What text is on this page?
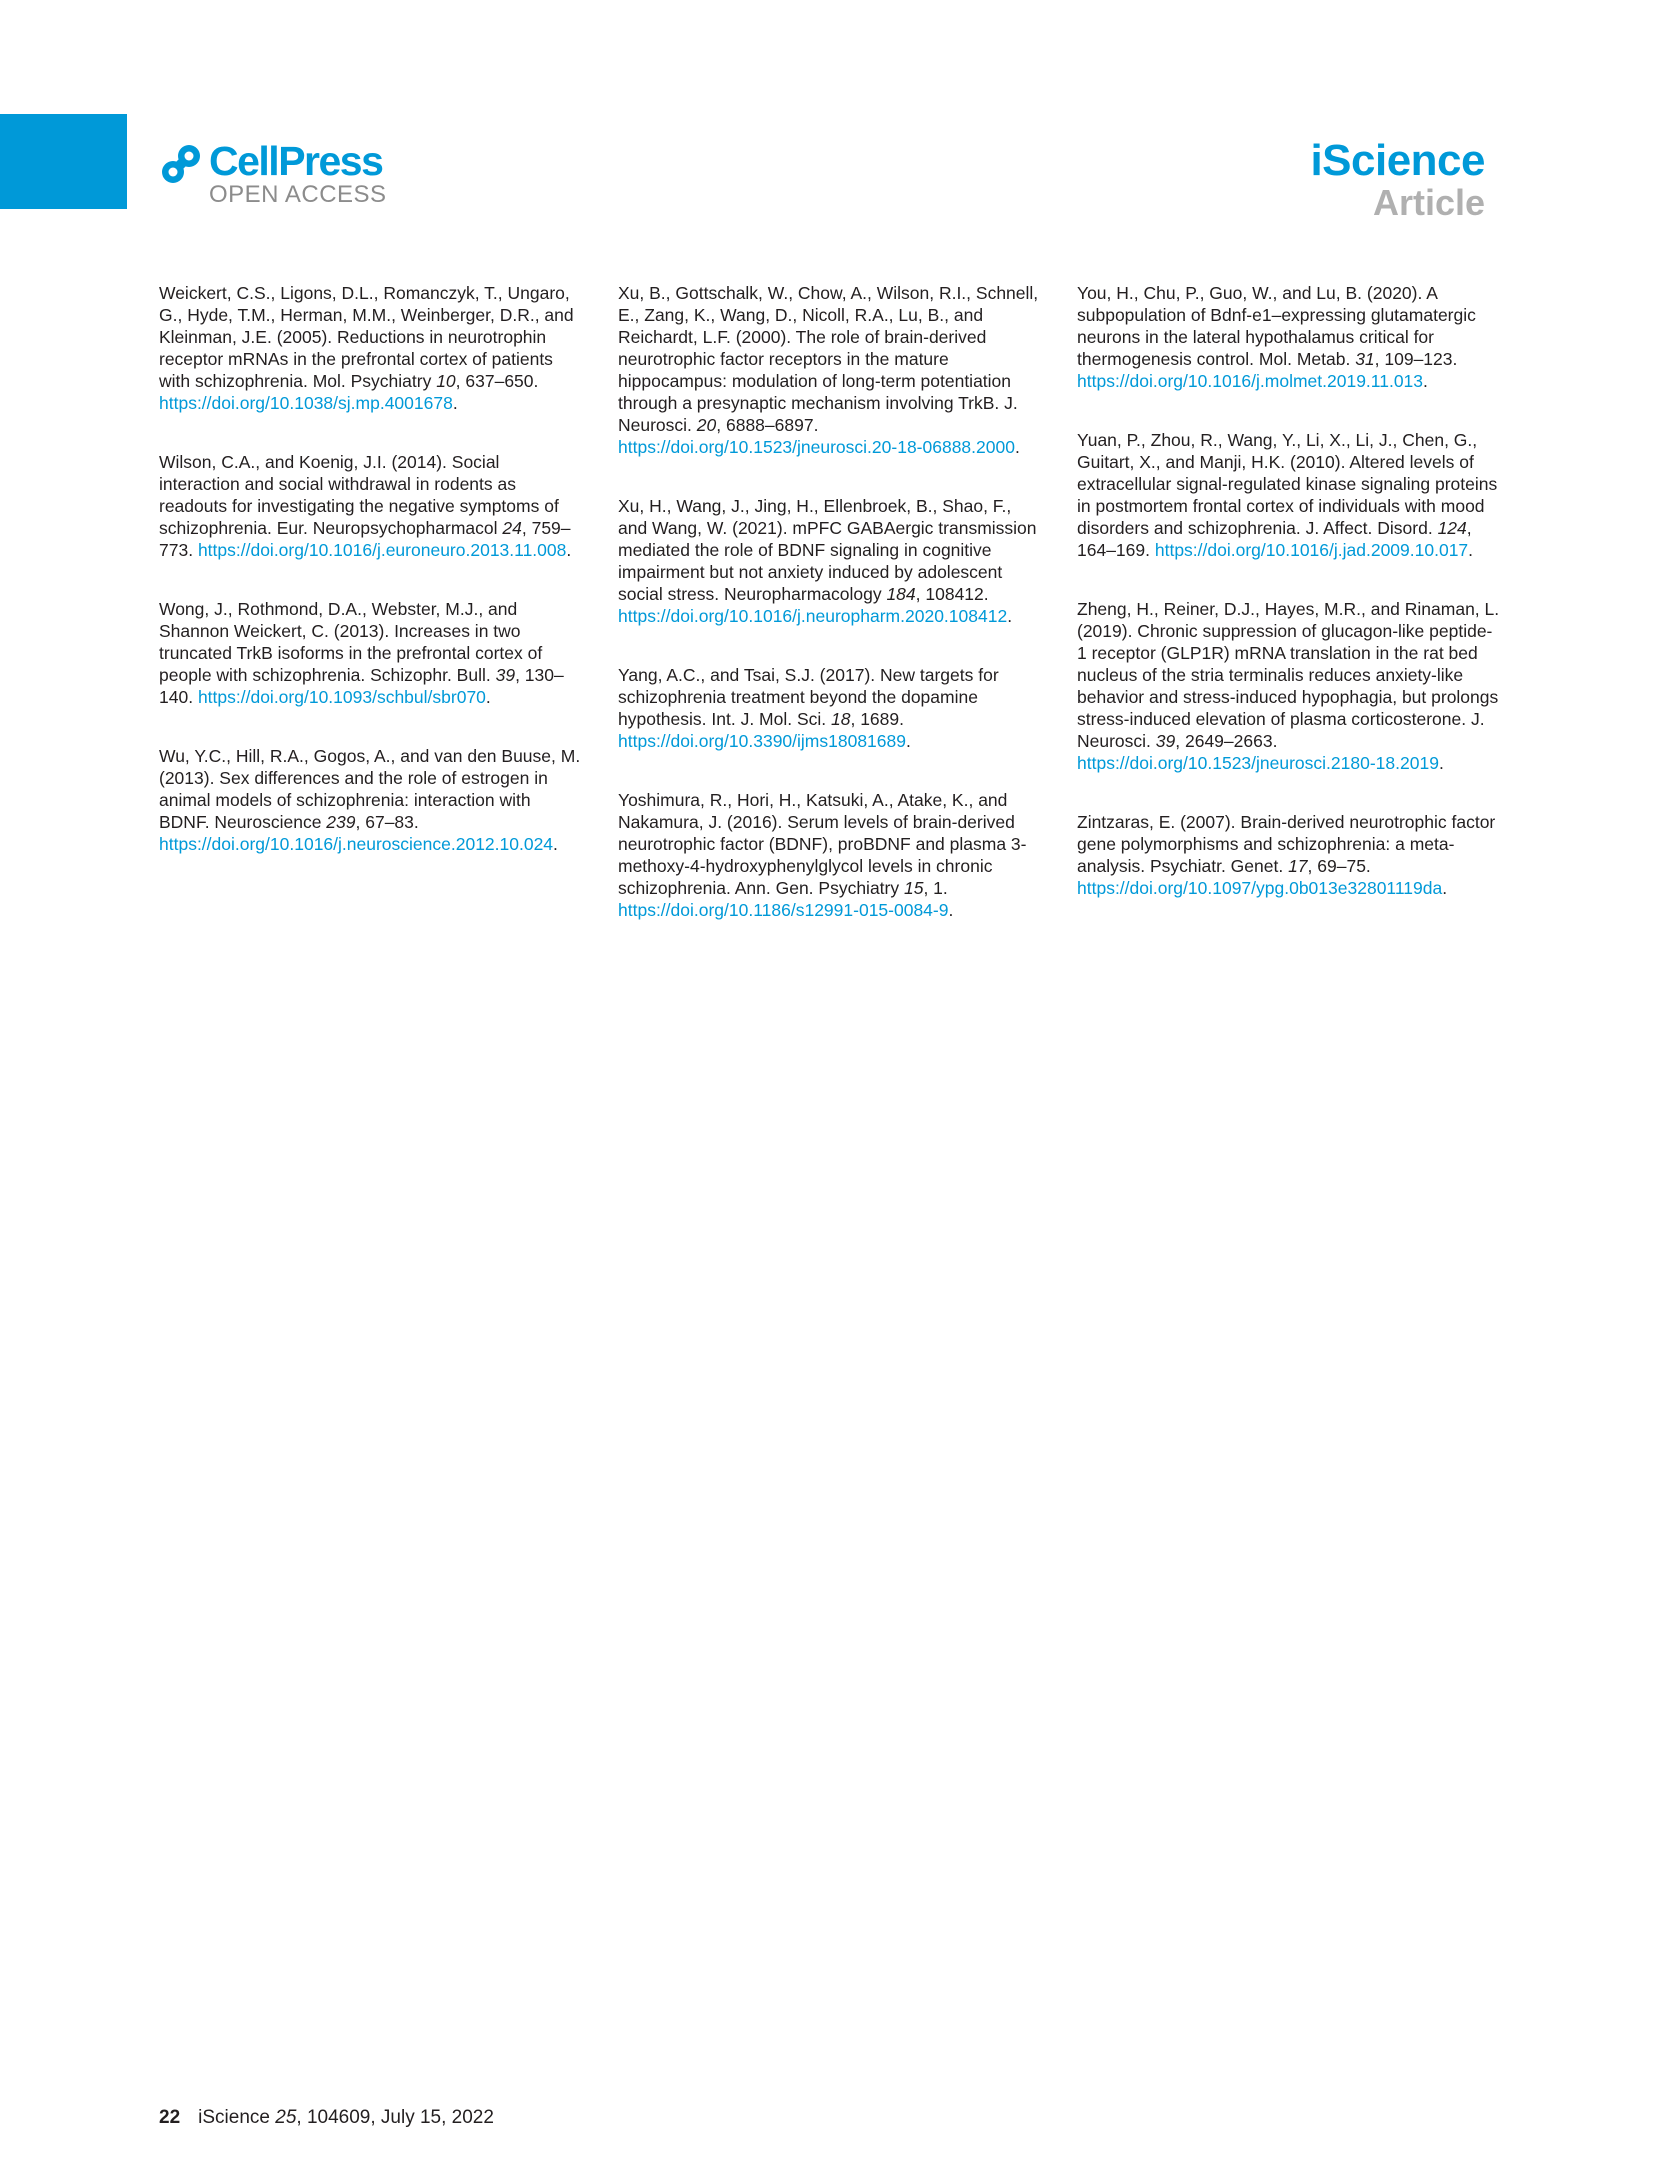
CellPress
OPEN ACCESS
iScience
Article

Weickert, C.S., Ligons, D.L., Romanczyk, T., Ungaro, G., Hyde, T.M., Herman, M.M., Weinberger, D.R., and Kleinman, J.E. (2005). Reductions in neurotrophin receptor mRNAs in the prefrontal cortex of patients with schizophrenia. Mol. Psychiatry 10, 637–650. https://doi.org/10.1038/sj.mp.4001678.

Wilson, C.A., and Koenig, J.I. (2014). Social interaction and social withdrawal in rodents as readouts for investigating the negative symptoms of schizophrenia. Eur. Neuropsychopharmacol 24, 759–773. https://doi.org/10.1016/j.euroneuro.2013.11.008.

Wong, J., Rothmond, D.A., Webster, M.J., and Shannon Weickert, C. (2013). Increases in two truncated TrkB isoforms in the prefrontal cortex of people with schizophrenia. Schizophr. Bull. 39, 130–140. https://doi.org/10.1093/schbul/sbr070.

Wu, Y.C., Hill, R.A., Gogos, A., and van den Buuse, M. (2013). Sex differences and the role of estrogen in animal models of schizophrenia: interaction with BDNF. Neuroscience 239, 67–83. https://doi.org/10.1016/j.neuroscience.2012.10.024.

Xu, B., Gottschalk, W., Chow, A., Wilson, R.I., Schnell, E., Zang, K., Wang, D., Nicoll, R.A., Lu, B., and Reichardt, L.F. (2000). The role of brain-derived neurotrophic factor receptors in the mature hippocampus: modulation of long-term potentiation through a presynaptic mechanism involving TrkB. J. Neurosci. 20, 6888–6897. https://doi.org/10.1523/jneurosci.20-18-06888.2000.

Xu, H., Wang, J., Jing, H., Ellenbroek, B., Shao, F., and Wang, W. (2021). mPFC GABAergic transmission mediated the role of BDNF signaling in cognitive impairment but not anxiety induced by adolescent social stress. Neuropharmacology 184, 108412. https://doi.org/10.1016/j.neuropharm.2020.108412.

Yang, A.C., and Tsai, S.J. (2017). New targets for schizophrenia treatment beyond the dopamine hypothesis. Int. J. Mol. Sci. 18, 1689. https://doi.org/10.3390/ijms18081689.

Yoshimura, R., Hori, H., Katsuki, A., Atake, K., and Nakamura, J. (2016). Serum levels of brain-derived neurotrophic factor (BDNF), proBDNF and plasma 3-methoxy-4-hydroxyphenylglycol levels in chronic schizophrenia. Ann. Gen. Psychiatry 15, 1. https://doi.org/10.1186/s12991-015-0084-9.

You, H., Chu, P., Guo, W., and Lu, B. (2020). A subpopulation of Bdnf-e1–expressing glutamatergic neurons in the lateral hypothalamus critical for thermogenesis control. Mol. Metab. 31, 109–123. https://doi.org/10.1016/j.molmet.2019.11.013.

Yuan, P., Zhou, R., Wang, Y., Li, X., Li, J., Chen, G., Guitart, X., and Manji, H.K. (2010). Altered levels of extracellular signal-regulated kinase signaling proteins in postmortem frontal cortex of individuals with mood disorders and schizophrenia. J. Affect. Disord. 124, 164–169. https://doi.org/10.1016/j.jad.2009.10.017.

Zheng, H., Reiner, D.J., Hayes, M.R., and Rinaman, L. (2019). Chronic suppression of glucagon-like peptide-1 receptor (GLP1R) mRNA translation in the rat bed nucleus of the stria terminalis reduces anxiety-like behavior and stress-induced hypophagia, but prolongs stress-induced elevation of plasma corticosterone. J. Neurosci. 39, 2649–2663. https://doi.org/10.1523/jneurosci.2180-18.2019.

Zintzaras, E. (2007). Brain-derived neurotrophic factor gene polymorphisms and schizophrenia: a meta-analysis. Psychiatr. Genet. 17, 69–75. https://doi.org/10.1097/ypg.0b013e32801119da.

22 iScience 25, 104609, July 15, 2022
